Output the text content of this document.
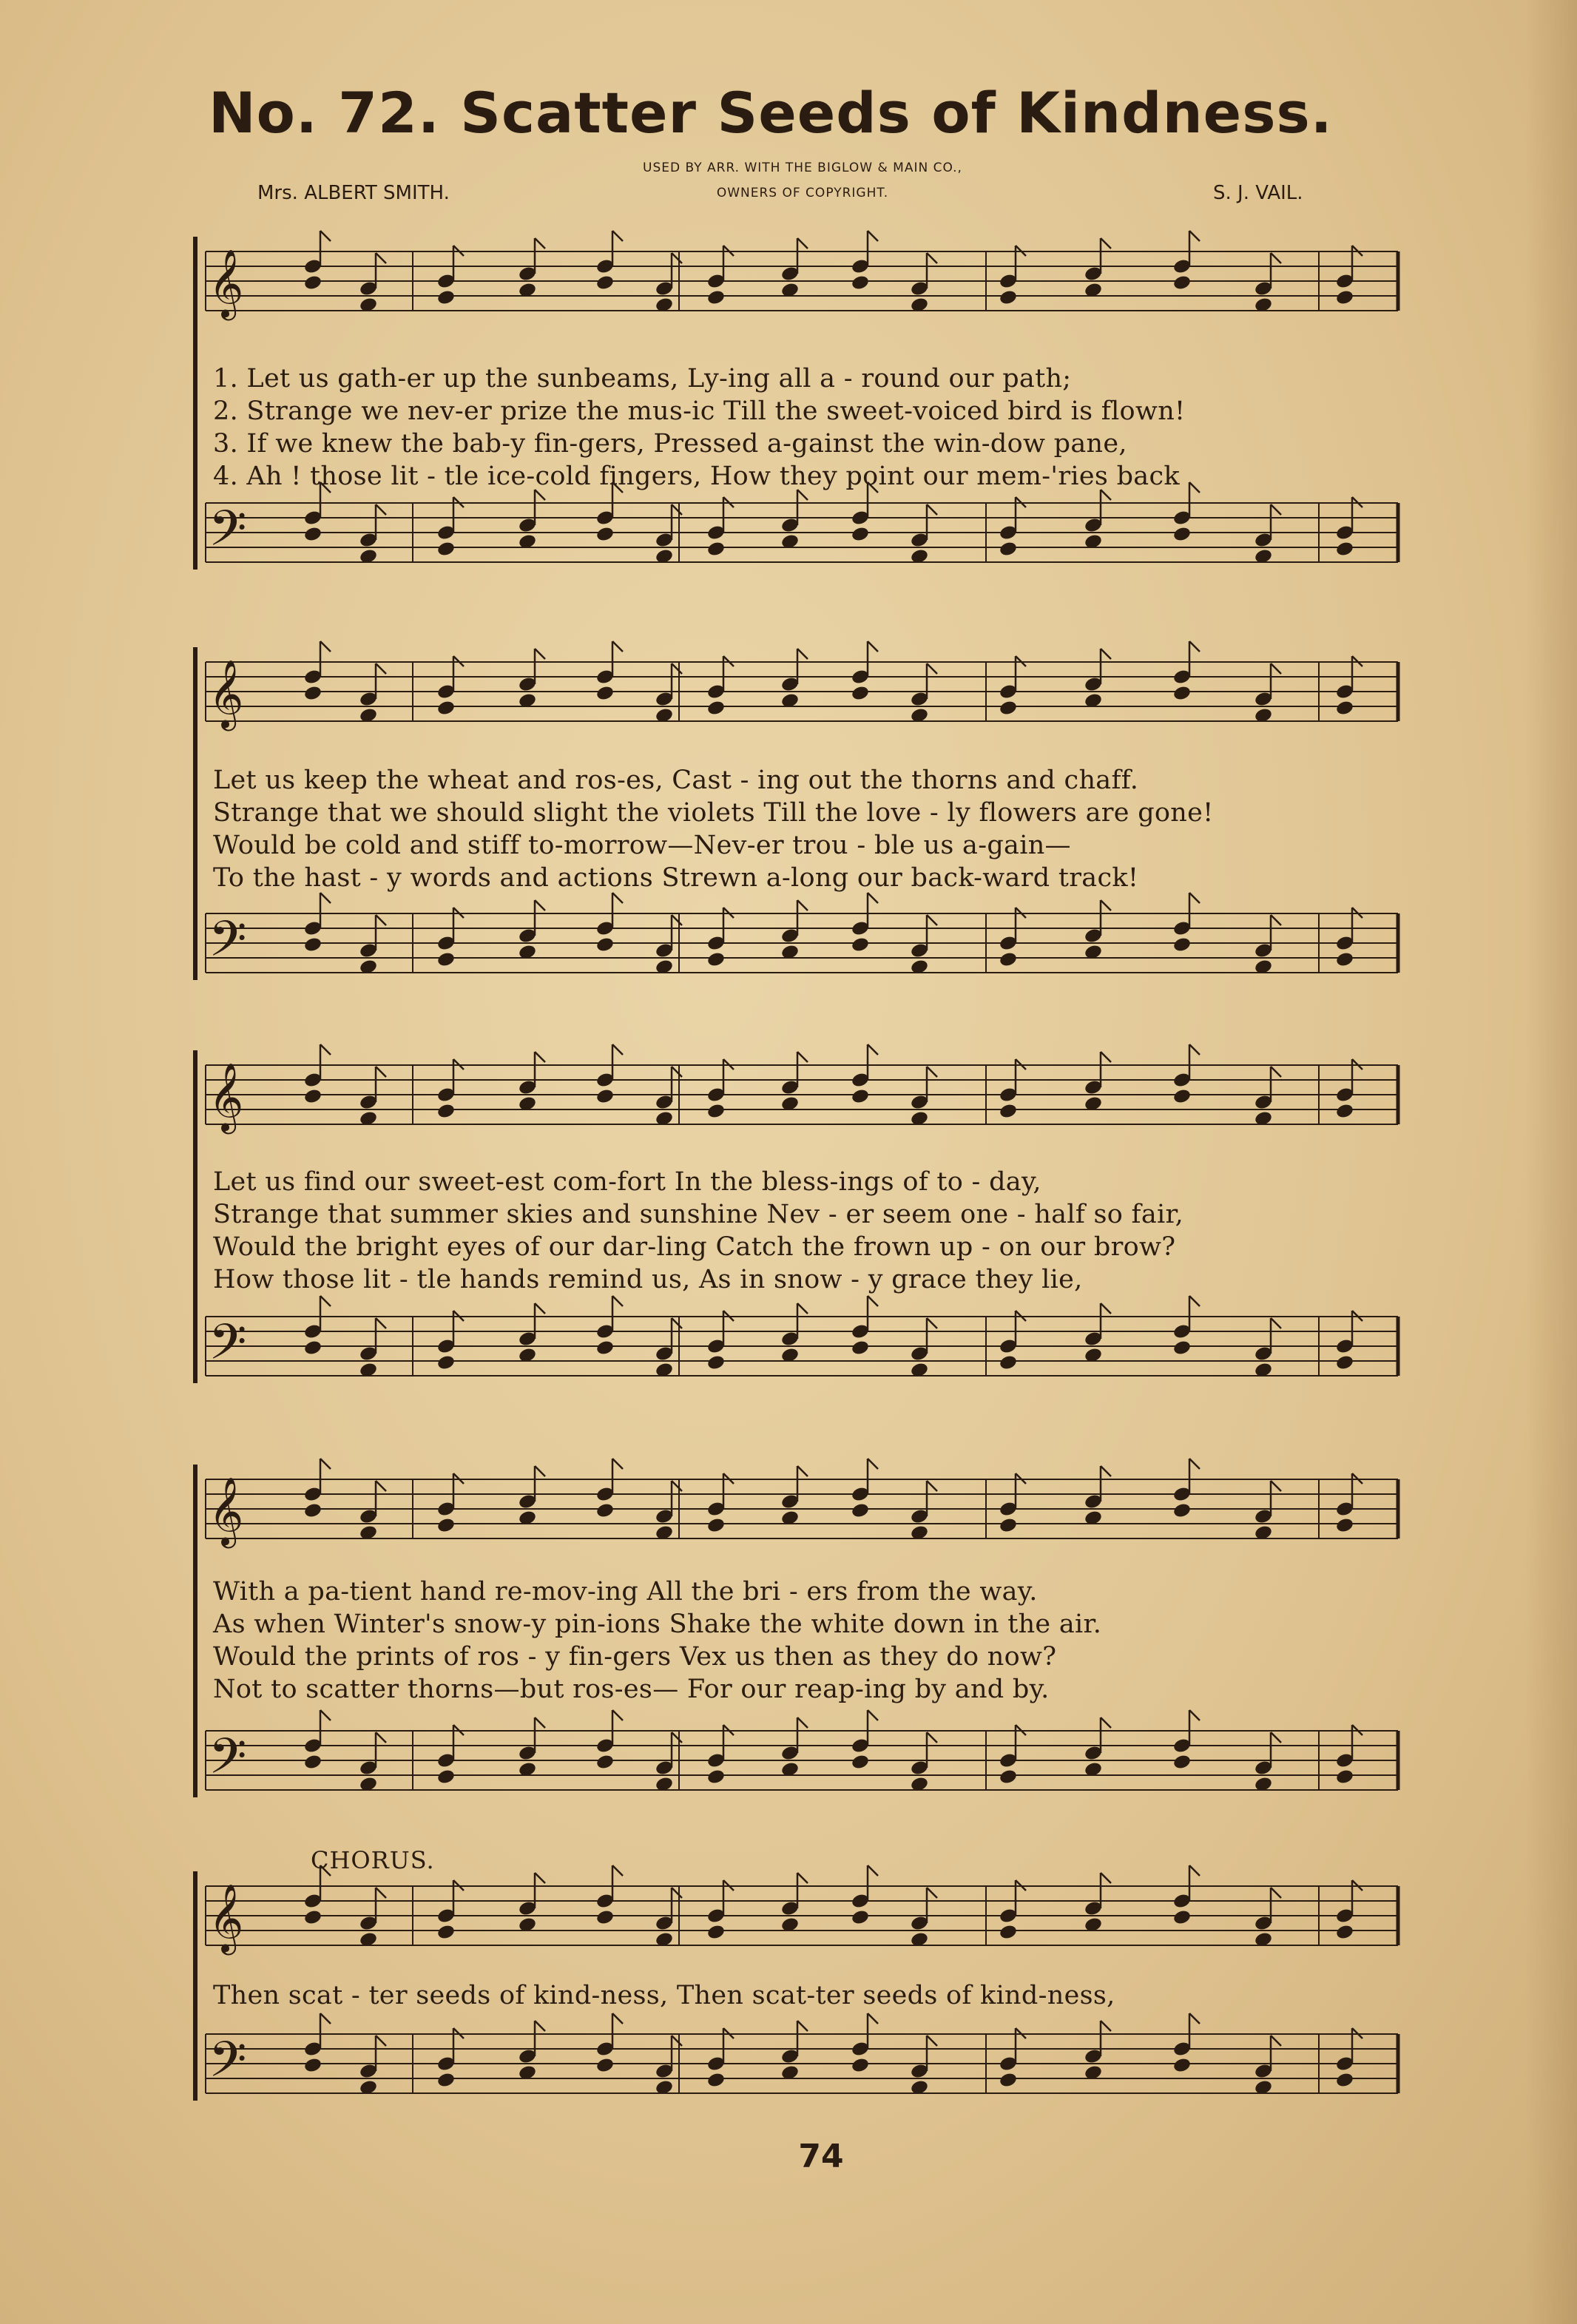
No. 72. Scatter Seeds of Kindness.
USED BY ARR. WITH THE BIGLOW & MAIN CO.,
OWNERS OF COPYRIGHT.
Mrs. ALBERT SMITH.	S. J. VAIL.
𝄞
𝄢
1. Let us gath-er up the sunbeams, Ly-ing all a - round our path;
2. Strange we nev-er prize the mus-ic Till the sweet-voiced bird is flown!
3. If we knew the bab-y fin-gers, Pressed a-gainst the win-dow pane,
4. Ah ! those lit - tle ice-cold fingers, How they point our mem-'ries back
𝄞
𝄢
Let us keep the wheat and ros-es, Cast - ing out the thorns and chaff.
Strange that we should slight the violets Till the love - ly flowers are gone!
Would be cold and stiff to-morrow—Nev-er trou - ble us a-gain—
To the hast - y words and actions Strewn a-long our back-ward track!
𝄞
𝄢
Let us find our sweet-est com-fort In the bless-ings of to - day,
Strange that summer skies and sunshine Nev - er seem one - half so fair,
Would the bright eyes of our dar-ling Catch the frown up - on our brow?
How those lit - tle hands remind us, As in snow - y grace they lie,
𝄞
𝄢
With a pa-tient hand re-mov-ing All the bri - ers from the way.
As when Winter's snow-y pin-ions Shake the white down in the air.
Would the prints of ros - y fin-gers Vex us then as they do now?
Not to scatter thorns—but ros-es— For our reap-ing by and by.
CHORUS.
𝄞
𝄢
Then scat - ter seeds of kind-ness, Then scat-ter seeds of kind-ness,
74
